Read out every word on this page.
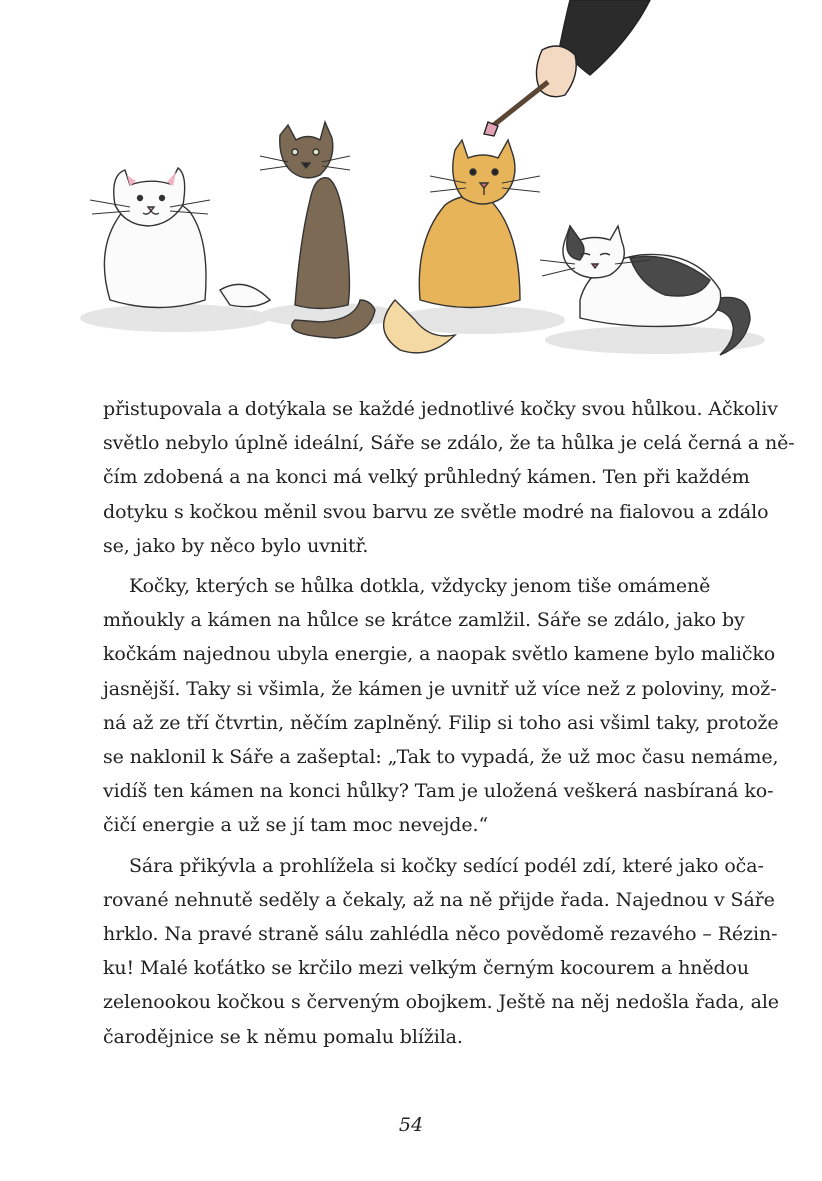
přistupovala a dotýkala se každé jednotlivé kočky svou hůlkou. Ačkoliv
světlo nebylo úplně ideální, Sáře se zdálo, že ta hůlka je celá černá a ně-
čím zdobená a na konci má velký průhledný kámen. Ten při každém
dotyku s kočkou měnil svou barvu ze světle modré na fialovou a zdálo
se, jako by něco bylo uvnitř.

Kočky, kterých se hůlka dotkla, vždycky jenom tiše omámeně
mňoukly a kámen na hůlce se krátce zamlžil. Sáře se zdálo, jako by
kočkám najednou ubyla energie, a naopak světlo kamene bylo maličko
jasnější. Taky si všimla, že kámen je uvnitř už více než z poloviny, mož-
ná až ze tří čtvrtin, něčím zaplněný. Filip si toho asi všiml taky, protože
se naklonil k Sáře a zašeptal: „Tak to vypadá, že už moc času nemáme,
vidíš ten kámen na konci hůlky? Tam je uložená veškerá nasbíraná ko-
čičí energie a už se jí tam moc nevejde.“

Sára přikývla a prohlížela si kočky sedící podél zdí, které jako oča-
rované nehnutě seděly a čekaly, až na ně přijde řada. Najednou v Sáře
hrklo. Na pravé straně sálu zahlédla něco povědomě rezavého – Rézin-
ku! Malé koťátko se krčilo mezi velkým černým kocourem a hnědou
zelenookou kočkou s červeným obojkem. Ještě na něj nedošla řada, ale
čarodějnice se k němu pomalu blížila.

54
